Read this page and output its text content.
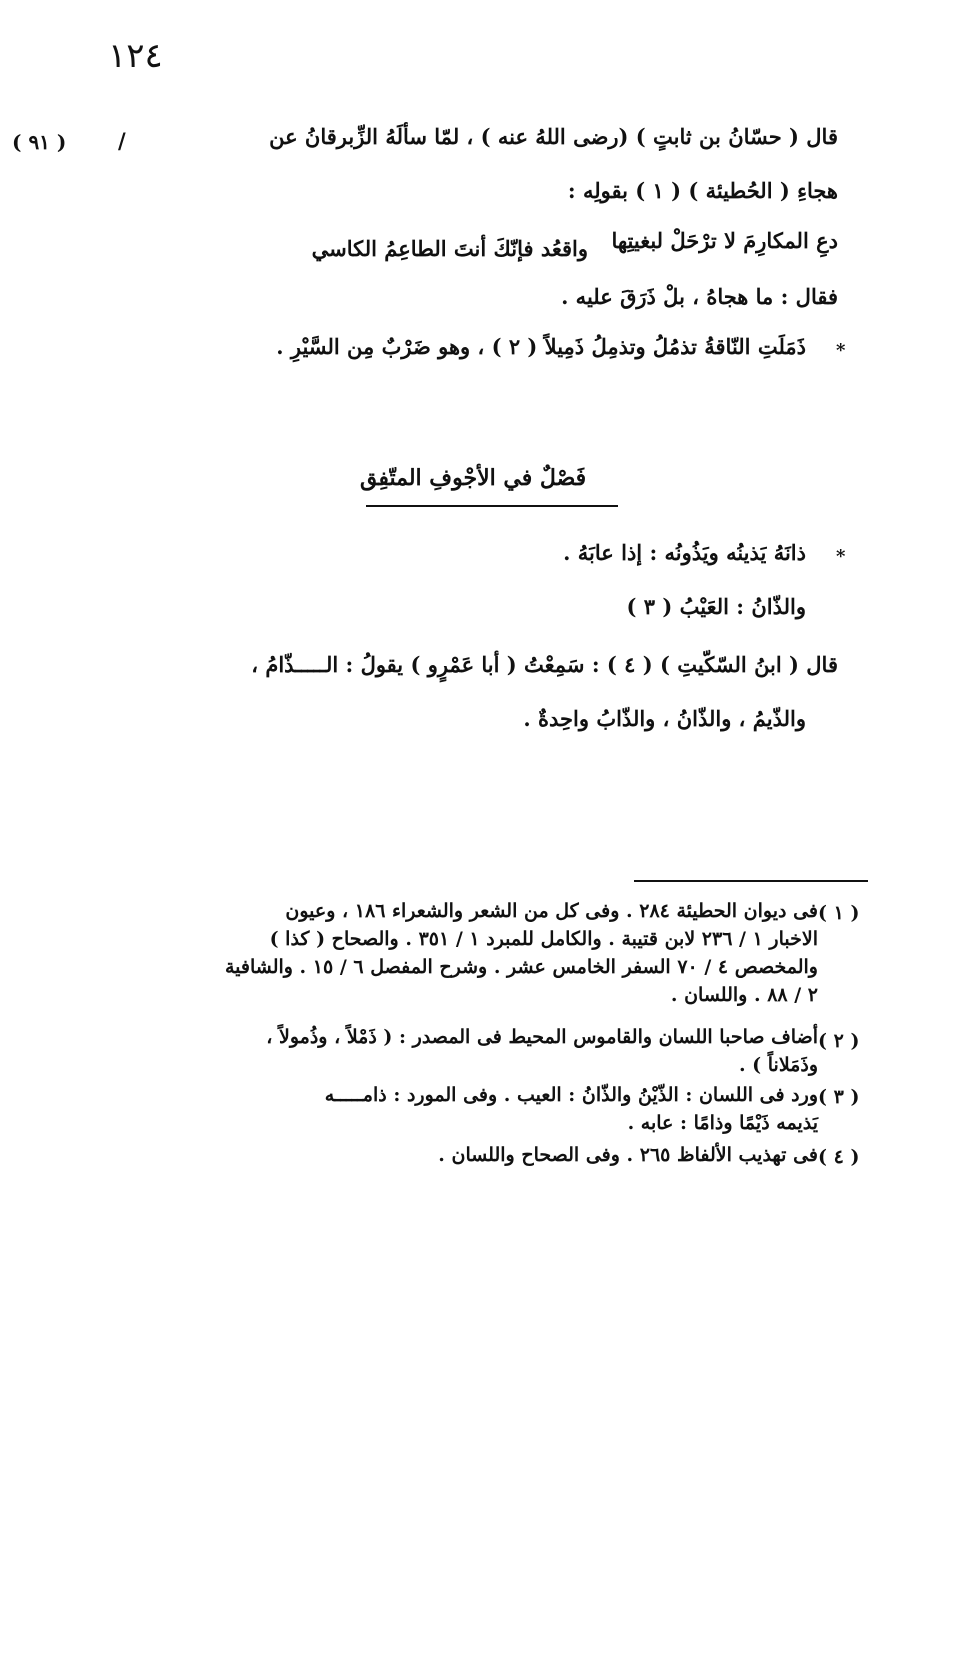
١٢٤
( ٩١ ) /	قال ( حسّانُ بن ثابتٍ ) (رضى اللهُ عنه ) ، لمّا سألَهُ الزِّبرقانُ عن
هجاءِ ( الحُطيئة ) ( ١ ) بقولِه :
دعِ المكارِمَ لا ترْحَلْ لبغيتِها
واقعُد فإنّكَ أنتَ الطاعِمُ الكاسي
فقال : ما هجاهُ ، بلْ ذَرَقَ عليه .
*
ذَمَلَتِ النّاقةُ تذمُلُ وتذمِلُ ذَمِيلاً ( ٢ ) ، وهو ضَرْبٌ مِن السَّيْرِ .
فَصْلٌ في الأجْوفِ المتّفِق
*
ذانَهُ يَذينُه ويَذُونُه : إذا عابَهُ .
والذّانُ : العَيْبُ ( ٣ )
قال ( ابنُ السّكّيتِ ) ( ٤ ) : سَمِعْتُ ( أبا عَمْرٍو ) يقولُ : الـــــذّامُ ،
والذّيمُ ، والذّانُ ، والذّابُ واحِدةٌ .
( ١ )
فى ديوان الحطيئة ٢٨٤ . وفى كل من الشعر والشعراء ١٨٦ ، وعيون
الاخبار ١ / ٢٣٦ لابن قتيبة . والكامل للمبرد ١ / ٣٥١ . والصحاح ( كذا )
والمخصص ٤ / ٧٠ السفر الخامس عشر . وشرح المفصل ٦ / ١٥ . والشافية
٢ / ٨٨ . واللسان .
( ٢ )
أضاف صاحبا اللسان والقاموس المحيط فى المصدر : ( ذَمْلاً ، وذُمولاً ،
وذَمَلاناً ) .
( ٣ )
ورد فى اللسان : الذّيْنُ والذّانُ : العيب . وفى المورد : ذامـــــه
يَذيمه ذَيْمًا وذامًا : عابه .
( ٤ )
فى تهذيب الألفاظ ٢٦٥ . وفى الصحاح واللسان .
